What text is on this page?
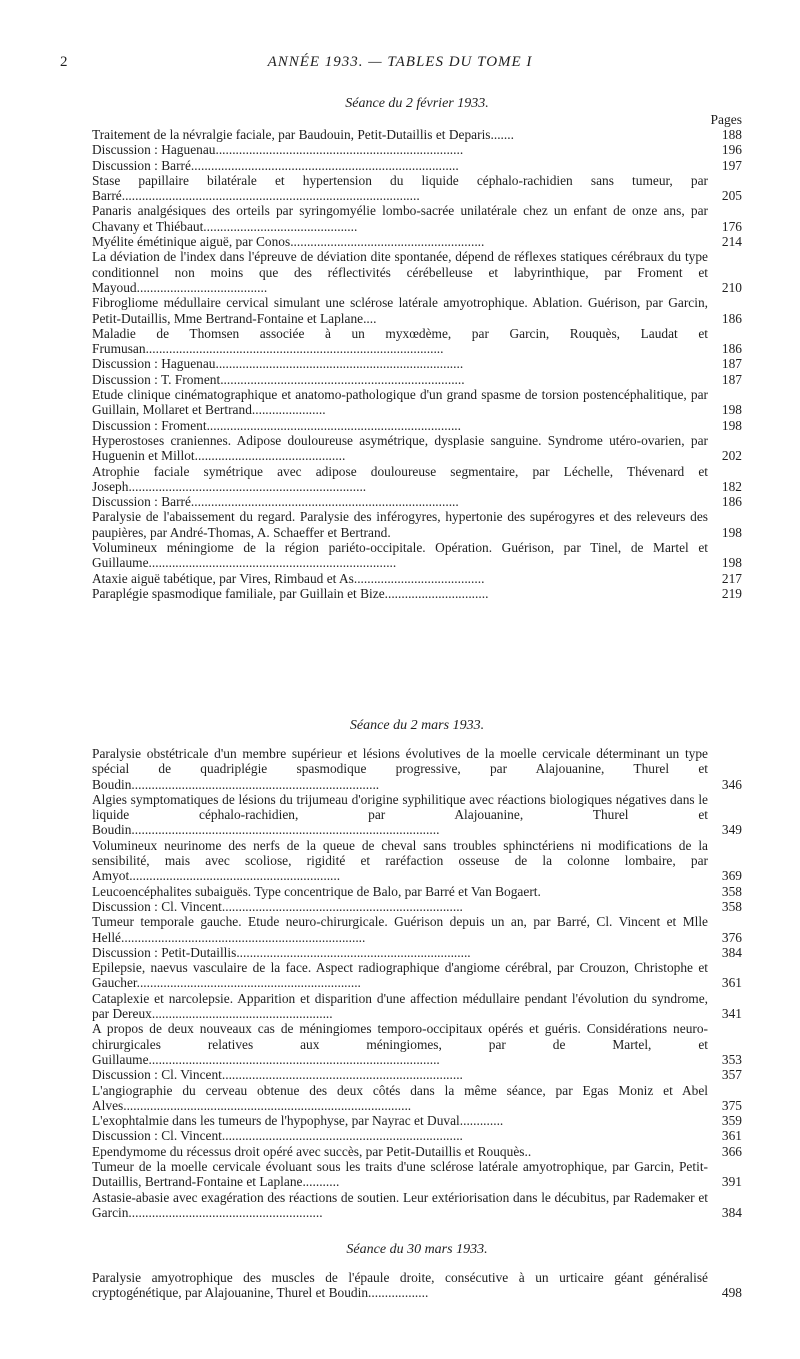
2	ANNÉE 1933. — TABLES DU TOME I

Séance du 2 février 1933.

Pages

Traitement de la névralgie faciale, par Baudouin, Petit-Dutaillis et Deparis.......	188
Discussion : Haguenau..........................................................................	196
Discussion : Barré................................................................................	197
Stase papillaire bilatérale et hypertension du liquide céphalo-rachidien sans tumeur, par Barré.........................................................................................	205
Panaris analgésiques des orteils par syringomyélie lombo-sacrée unilatérale chez un enfant de onze ans, par Chavany et Thiébaut..............................................	176
Myélite émétinique aiguë, par Conos..........................................................	214
La déviation de l'index dans l'épreuve de déviation dite spontanée, dépend de réflexes statiques cérébraux du type conditionnel non moins que des réflectivités cérébelleuse et labyrinthique, par Froment et Mayoud.......................................	210
Fibrogliome médullaire cervical simulant une sclérose latérale amyotrophique. Ablation. Guérison, par Garcin, Petit-Dutaillis, Mme Bertrand-Fontaine et Laplane....	186
Maladie de Thomsen associée à un myxœdème, par Garcin, Rouquès, Laudat et Frumusan.........................................................................................	186
Discussion : Haguenau..........................................................................	187
Discussion : T. Froment.........................................................................	187
Etude clinique cinématographique et anatomo-pathologique d'un grand spasme de torsion postencéphalitique, par Guillain, Mollaret et Bertrand......................	198
Discussion : Froment............................................................................	198
Hyperostoses craniennes. Adipose douloureuse asymétrique, dysplasie sanguine. Syndrome utéro-ovarien, par Huguenin et Millot.............................................	202
Atrophie faciale symétrique avec adipose douloureuse segmentaire, par Léchelle, Thévenard et Joseph.......................................................................	182
Discussion : Barré................................................................................	186
Paralysie de l'abaissement du regard. Paralysie des inférogyres, hypertonie des supérogyres et des releveurs des paupières, par André-Thomas, A. Schaeffer et Bertrand.	198
Volumineux méningiome de la région pariéto-occipitale. Opération. Guérison, par Tinel, de Martel et Guillaume..........................................................................	198
Ataxie aiguë tabétique, par Vires, Rimbaud et As.......................................	217
Paraplégie spasmodique familiale, par Guillain et Bize...............................	219

Séance du 2 mars 1933.

Paralysie obstétricale d'un membre supérieur et lésions évolutives de la moelle cervicale déterminant un type spécial de quadriplégie spasmodique progressive, par Alajouanine, Thurel et Boudin..........................................................................	346
Algies symptomatiques de lésions du trijumeau d'origine syphilitique avec réactions biologiques négatives dans le liquide céphalo-rachidien, par Alajouanine, Thurel et Boudin............................................................................................	349
Volumineux neurinome des nerfs de la queue de cheval sans troubles sphinctériens ni modifications de la sensibilité, mais avec scoliose, rigidité et raréfaction osseuse de la colonne lombaire, par Amyot...............................................................	369
Leucoencéphalites subaiguës. Type concentrique de Balo, par Barré et Van Bogaert.	358
Discussion : Cl. Vincent........................................................................	358
Tumeur temporale gauche. Etude neuro-chirurgicale. Guérison depuis un an, par Barré, Cl. Vincent et Mlle Hellé.........................................................................	376
Discussion : Petit-Dutaillis......................................................................	384
Epilepsie, naevus vasculaire de la face. Aspect radiographique d'angiome cérébral, par Crouzon, Christophe et Gaucher...................................................................	361
Cataplexie et narcolepsie. Apparition et disparition d'une affection médullaire pendant l'évolution du syndrome, par Dereux......................................................	341
A propos de deux nouveaux cas de méningiomes temporo-occipitaux opérés et guéris. Considérations neuro-chirurgicales relatives aux méningiomes, par de Martel, et Guillaume.......................................................................................	353
Discussion : Cl. Vincent........................................................................	357
L'angiographie du cerveau obtenue des deux côtés dans la même séance, par Egas Moniz et Abel Alves......................................................................................	375
L'exophtalmie dans les tumeurs de l'hypophyse, par Nayrac et Duval.............	359
Discussion : Cl. Vincent........................................................................	361
Ependymome du récessus droit opéré avec succès, par Petit-Dutaillis et Rouquès..	366
Tumeur de la moelle cervicale évoluant sous les traits d'une sclérose latérale amyotrophique, par Garcin, Petit-Dutaillis, Bertrand-Fontaine et Laplane...........	391
Astasie-abasie avec exagération des réactions de soutien. Leur extériorisation dans le décubitus, par Rademaker et Garcin..........................................................	384

Séance du 30 mars 1933.

Paralysie amyotrophique des muscles de l'épaule droite, consécutive à un urticaire géant généralisé cryptogénétique, par Alajouanine, Thurel et Boudin..................	498
